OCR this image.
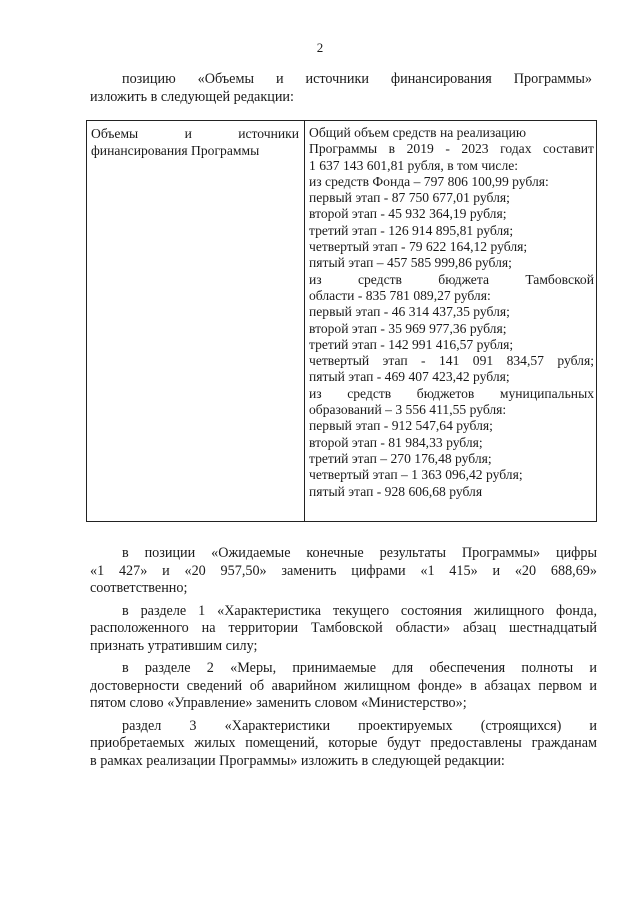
2
позицию «Объемы и источники финансирования Программы»
изложить в следующей редакции:
Объемы и источники
финансирования Программы
Общий объем средств на реализацию
Программы в 2019 - 2023 годах составит
1 637 143 601,81 рубля, в том числе:
из средств Фонда – 797 806 100,99 рубля:
первый этап - 87 750 677,01 рубля;
второй этап - 45 932 364,19 рубля;
третий этап - 126 914 895,81 рубля;
четвертый этап - 79 622 164,12 рубля;
пятый этап – 457 585 999,86 рубля;
из средств бюджета Тамбовской
области - 835 781 089,27 рубля:
первый этап - 46 314 437,35 рубля;
второй этап - 35 969 977,36 рубля;
третий этап - 142 991 416,57 рубля;
четвертый этап - 141 091 834,57 рубля;
пятый этап - 469 407 423,42 рубля;
из средств бюджетов муниципальных
образований – 3 556 411,55 рубля:
первый этап - 912 547,64 рубля;
второй этап - 81 984,33 рубля;
третий этап – 270 176,48 рубля;
четвертый этап – 1 363 096,42 рубля;
пятый этап - 928 606,68 рубля

в позиции «Ожидаемые конечные результаты Программы» цифры
«1 427» и «20 957,50» заменить цифрами «1 415» и «20 688,69»
соответственно;

в разделе 1 «Характеристика текущего состояния жилищного фонда,
расположенного на территории Тамбовской области» абзац шестнадцатый
признать утратившим силу;

в разделе 2 «Меры, принимаемые для обеспечения полноты и
достоверности сведений об аварийном жилищном фонде» в абзацах первом и
пятом слово «Управление» заменить словом «Министерство»;

раздел 3 «Характеристики проектируемых (строящихся) и
приобретаемых жилых помещений, которые будут предоставлены гражданам
в рамках реализации Программы» изложить в следующей редакции:
